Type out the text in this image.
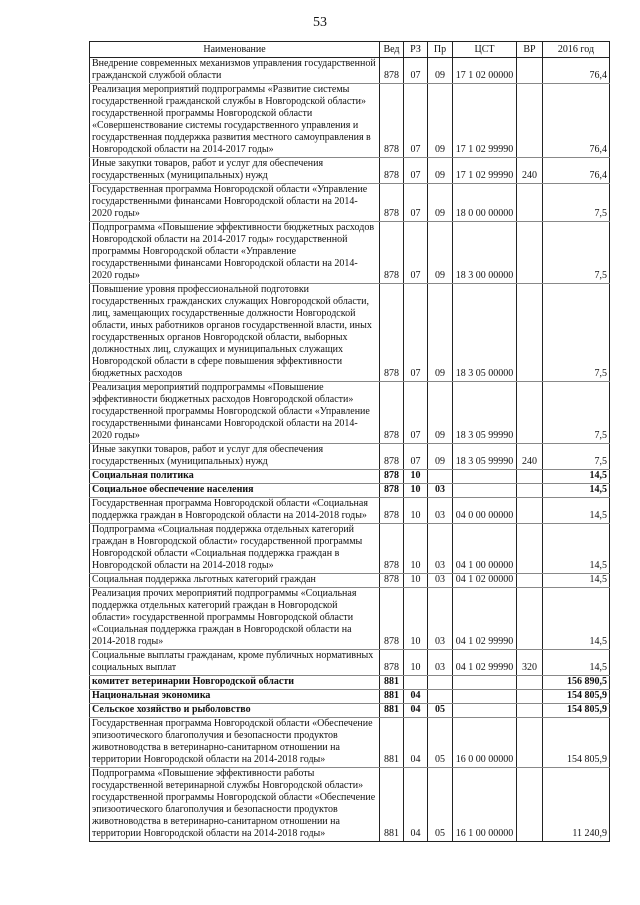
53
Наименование	Вед	РЗ	Пр	ЦСТ	ВР	2016 год
Внедрение современных механизмов управления государственной гражданской службой области	878	07	09	17 1 02 00000		76,4
Реализация мероприятий подпрограммы «Развитие системы государственной гражданской службы в Новгородской области» государственной программы Новгородской области «Совершенствование системы государственного управления и государственная поддержка развития местного самоуправления в Новгородской области на 2014-2017 годы»	878	07	09	17 1 02 99990		76,4
Иные закупки товаров, работ и услуг для обеспечения государственных (муниципальных) нужд	878	07	09	17 1 02 99990	240	76,4
Государственная программа Новгородской области «Управление государственными финансами Новгородской области на 2014-2020 годы»	878	07	09	18 0 00 00000		7,5
Подпрограмма «Повышение эффективности бюджетных расходов Новгородской области на 2014-2017 годы» государственной программы Новгородской области «Управление государственными финансами Новгородской области на 2014-2020 годы»	878	07	09	18 3 00 00000		7,5
Повышение уровня профессиональной подготовки государственных гражданских служащих Новгородской области, лиц, замещающих государственные должности Новгородской области, иных работников органов государственной власти, иных государственных органов Новгородской области, выборных должностных лиц, служащих и муниципальных служащих Новгородской области в сфере повышения эффективности бюджетных расходов	878	07	09	18 3 05 00000		7,5
Реализация мероприятий подпрограммы «Повышение эффективности бюджетных расходов Новгородской области» государственной программы Новгородской области «Управление государственными финансами Новгородской области на 2014-2020 годы»	878	07	09	18 3 05 99990		7,5
Иные закупки товаров, работ и услуг для обеспечения государственных (муниципальных) нужд	878	07	09	18 3 05 99990	240	7,5
Социальная политика	878	10				14,5
Социальное обеспечение населения	878	10	03			14,5
Государственная программа Новгородской области «Социальная поддержка граждан в Новгородской области на 2014-2018 годы»	878	10	03	04 0 00 00000		14,5
Подпрограмма «Социальная поддержка отдельных категорий граждан в Новгородской области» государственной программы Новгородской области «Социальная поддержка граждан в Новгородской области на 2014-2018 годы»	878	10	03	04 1 00 00000		14,5
Социальная поддержка льготных категорий граждан	878	10	03	04 1 02 00000		14,5
Реализация прочих мероприятий подпрограммы «Социальная поддержка отдельных категорий граждан в Новгородской области» государственной программы Новгородской области «Социальная поддержка граждан в Новгородской области на 2014-2018 годы»	878	10	03	04 1 02 99990		14,5
Социальные выплаты гражданам, кроме публичных нормативных социальных выплат	878	10	03	04 1 02 99990	320	14,5
комитет ветеринарии Новгородской области	881					156 890,5
Национальная экономика	881	04				154 805,9
Сельское хозяйство и рыболовство	881	04	05			154 805,9
Государственная программа Новгородской области «Обеспечение эпизоотического благополучия и безопасности продуктов животноводства в ветеринарно-санитарном отношении на территории Новгородской области на 2014-2018 годы»	881	04	05	16 0 00 00000		154 805,9
Подпрограмма «Повышение эффективности работы государственной ветеринарной службы Новгородской области» государственной программы Новгородской области «Обеспечение эпизоотического благополучия и безопасности продуктов животноводства в ветеринарно-санитарном отношении на территории Новгородской области на 2014-2018 годы»	881	04	05	16 1 00 00000		11 240,9
